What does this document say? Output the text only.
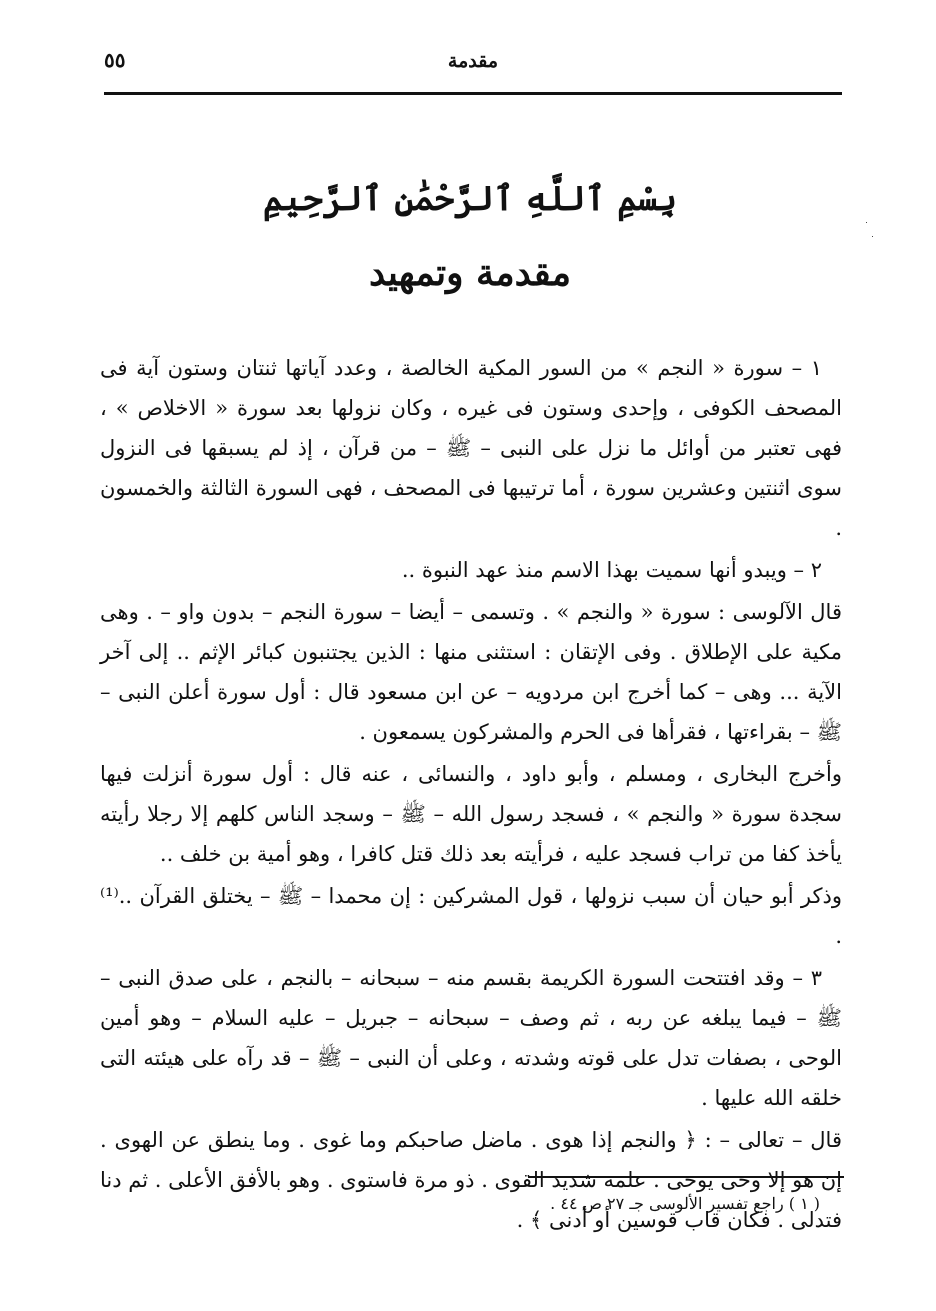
مقدمة
٥٥
بِسْمِ ٱللَّهِ ٱلرَّحْمَٰنِ ٱلرَّحِيمِ
مقدمة وتمهيد

١ – سورة « النجم » من السور المكية الخالصة ، وعدد آياتها ثنتان وستون آية فى المصحف الكوفى ، وإحدى وستون فى غيره ، وكان نزولها بعد سورة « الاخلاص » ، فهى تعتبر من أوائل ما نزل على النبى – ﷺ – من قرآن ، إذ لم يسبقها فى النزول سوى اثنتين وعشرين سورة ، أما ترتيبها فى المصحف ، فهى السورة الثالثة والخمسون .

٢ – ويبدو أنها سميت بهذا الاسم منذ عهد النبوة ..

قال الآلوسى : سورة « والنجم » . وتسمى – أيضا – سورة النجم – بدون واو – . وهى مكية على الإطلاق . وفى الإتقان : استثنى منها : الذين يجتنبون كبائر الإثم .. إلى آخر الآية ... وهى – كما أخرج ابن مردويه – عن ابن مسعود قال : أول سورة أعلن النبى – ﷺ – بقراءتها ، فقرأها فى الحرم والمشركون يسمعون .

وأخرج البخارى ، ومسلم ، وأبو داود ، والنسائى ، عنه قال : أول سورة أنزلت فيها سجدة سورة « والنجم » ، فسجد رسول الله – ﷺ – وسجد الناس كلهم إلا رجلا رأيته يأخذ كفا من تراب فسجد عليه ، فرأيته بعد ذلك قتل كافرا ، وهو أمية بن خلف ..

وذكر أبو حيان أن سبب نزولها ، قول المشركين : إن محمدا – ﷺ – يختلق القرآن ..⁽¹⁾ .

٣ – وقد افتتحت السورة الكريمة بقسم منه – سبحانه – بالنجم ، على صدق النبى – ﷺ – فيما يبلغه عن ربه ، ثم وصف – سبحانه – جبريل – عليه السلام – وهو أمين الوحى ، بصفات تدل على قوته وشدته ، وعلى أن النبى – ﷺ – قد رآه على هيئته التى خلقه الله عليها .

قال – تعالى – : ﴿ والنجم إذا هوى . ماضل صاحبكم وما غوى . وما ينطق عن الهوى . إن هو إلا وحى يوحى . علمه شديد القوى . ذو مرة فاستوى . وهو بالأفق الأعلى . ثم دنا فتدلى . فكان قاب قوسين أو أدنى ﴾ .

( ١ ) راجع تفسير الألوسى جـ ٢٧ ص ٤٤ .
